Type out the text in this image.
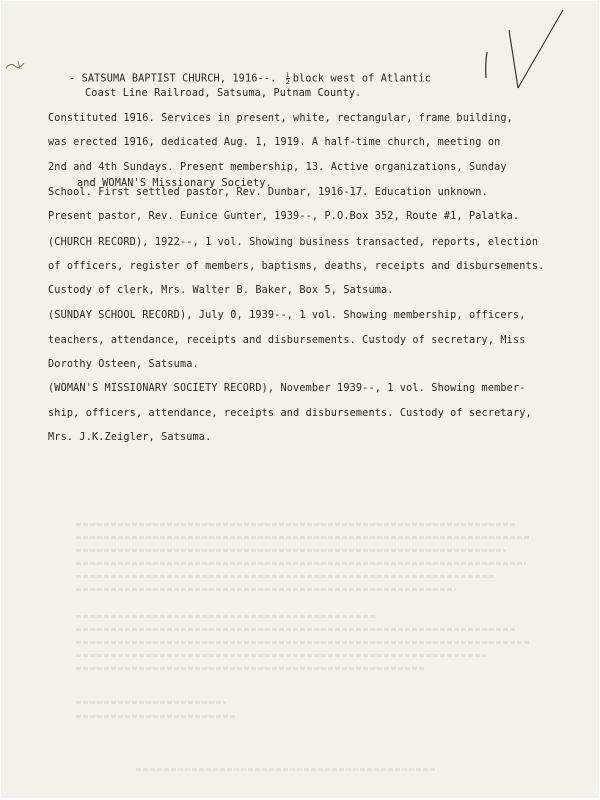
- SATSUMA BAPTIST CHURCH, 1916--. $\frac{1}{2}$ block west of Atlantic
Coast Line Railroad, Satsuma, Putnam County.
Constituted 1916. Services in present, white, rectangular, frame building,
was erected 1916, dedicated Aug. 1, 1919. A half-time church, meeting on
2nd and 4th Sundays. Present membership, 13. Active organizations, Sunday
and WOMAN'S Missionary Society.
School. First settled pastor, Rev. Dunbar, 1916-17. Education unknown.
Present pastor, Rev. Eunice Gunter, 1939--, P.O.Box 352, Route #1, Palatka.
(CHURCH RECORD), 1922--, 1 vol. Showing business transacted, reports, election
of officers, register of members, baptisms, deaths, receipts and disbursements.
Custody of clerk, Mrs. Walter B. Baker, Box 5, Satsuma.
(SUNDAY SCHOOL RECORD), July 0, 1939--, 1 vol. Showing membership, officers,
teachers, attendance, receipts and disbursements. Custody of secretary, Miss
Dorothy Osteen, Satsuma.
(WOMAN'S MISSIONARY SOCIETY RECORD), November 1939--, 1 vol. Showing member-
ship, officers, attendance, receipts and disbursements. Custody of secretary,
Mrs. J.K.Zeigler, Satsuma.
